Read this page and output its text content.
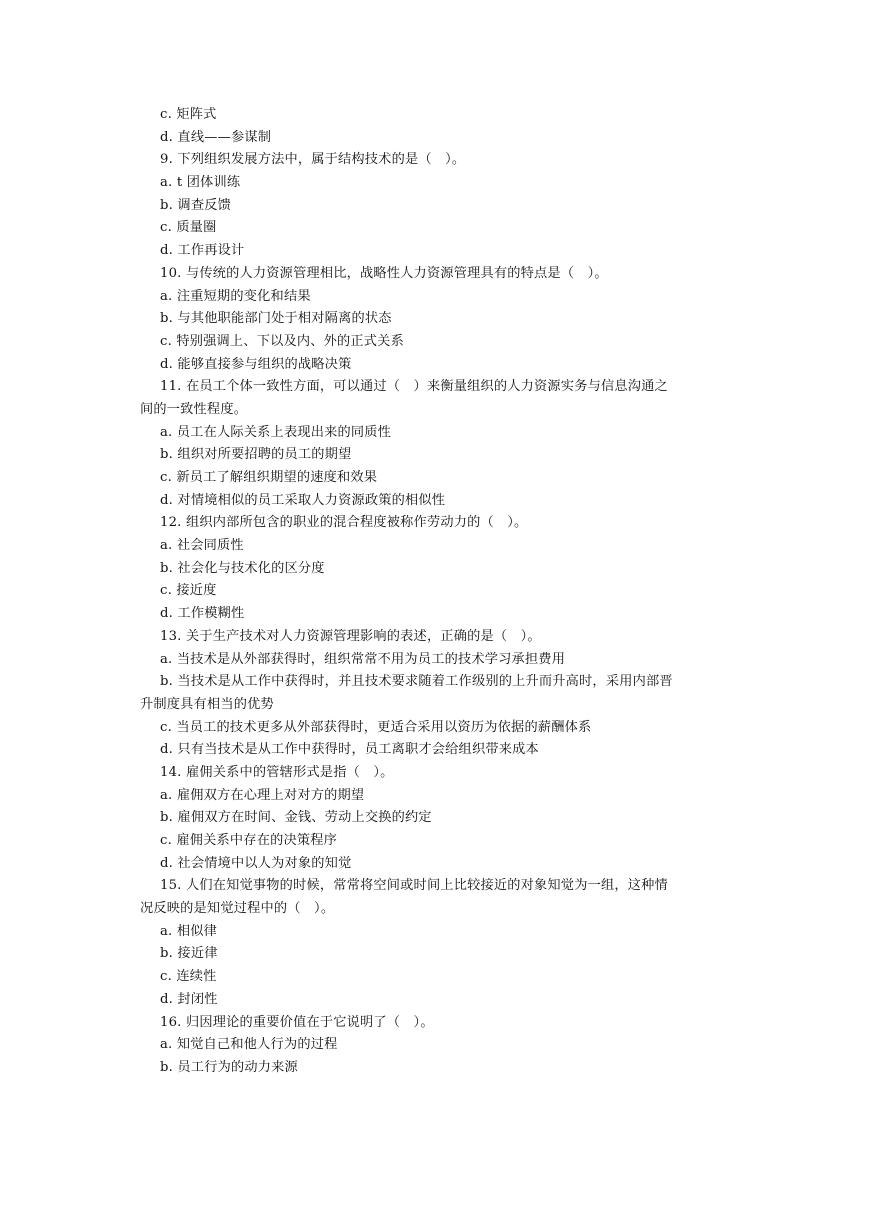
c. 矩阵式
d. 直线——参谋制
9. 下列组织发展方法中，属于结构技术的是（　）。
a. t 团体训练
b. 调查反馈
c. 质量圈
d. 工作再设计
10. 与传统的人力资源管理相比，战略性人力资源管理具有的特点是（　）。
a. 注重短期的变化和结果
b. 与其他职能部门处于相对隔离的状态
c. 特别强调上、下以及内、外的正式关系
d. 能够直接参与组织的战略决策
11. 在员工个体一致性方面，可以通过（　）来衡量组织的人力资源实务与信息沟通之
间的一致性程度。
a. 员工在人际关系上表现出来的同质性
b. 组织对所要招聘的员工的期望
c. 新员工了解组织期望的速度和效果
d. 对情境相似的员工采取人力资源政策的相似性
12. 组织内部所包含的职业的混合程度被称作劳动力的（　）。
a. 社会同质性
b. 社会化与技术化的区分度
c. 接近度
d. 工作模糊性
13. 关于生产技术对人力资源管理影响的表述，正确的是（　）。
a. 当技术是从外部获得时，组织常常不用为员工的技术学习承担费用
b. 当技术是从工作中获得时，并且技术要求随着工作级别的上升而升高时，采用内部晋
升制度具有相当的优势
c. 当员工的技术更多从外部获得时，更适合采用以资历为依据的薪酬体系
d. 只有当技术是从工作中获得时，员工离职才会给组织带来成本
14. 雇佣关系中的管辖形式是指（　）。
a. 雇佣双方在心理上对对方的期望
b. 雇佣双方在时间、金钱、劳动上交换的约定
c. 雇佣关系中存在的决策程序
d. 社会情境中以人为对象的知觉
15. 人们在知觉事物的时候，常常将空间或时间上比较接近的对象知觉为一组，这种情
况反映的是知觉过程中的（　）。
a. 相似律
b. 接近律
c. 连续性
d. 封闭性
16. 归因理论的重要价值在于它说明了（　）。
a. 知觉自己和他人行为的过程
b. 员工行为的动力来源
